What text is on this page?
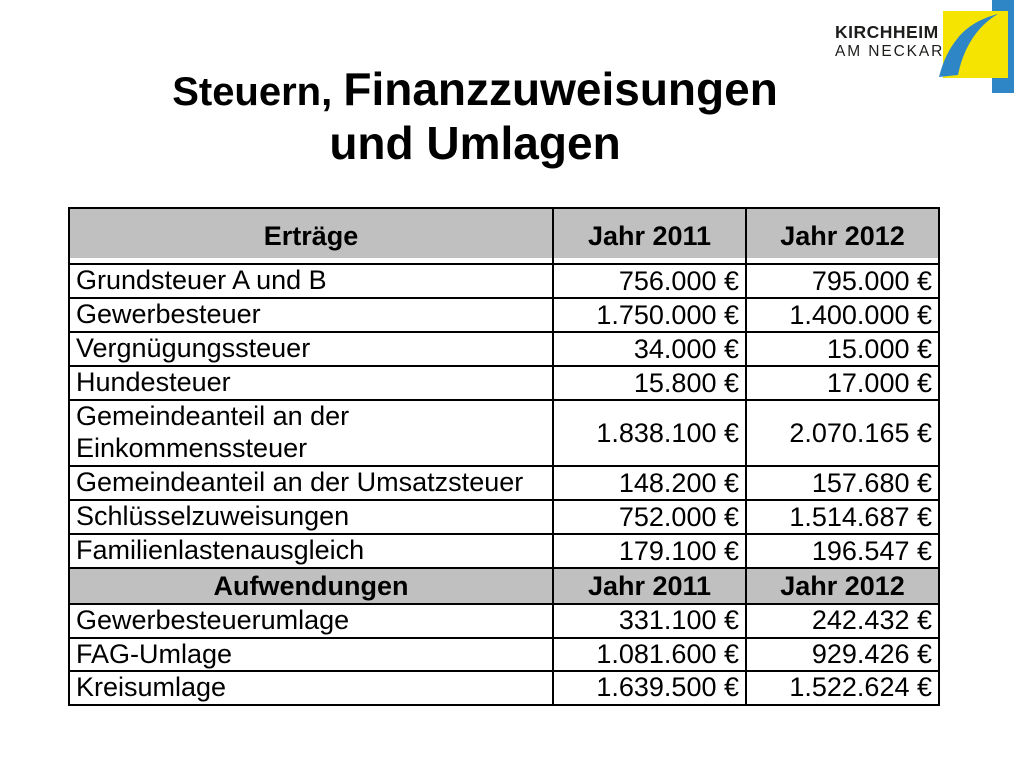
KIRCHHEIM
AM NECKAR
Steuern, Finanzzuweisungen
und Umlagen
Erträge	Jahr 2011	Jahr 2012
Grundsteuer A und B	756.000 €	795.000 €
Gewerbesteuer	1.750.000 €	1.400.000 €
Vergnügungssteuer	34.000 €	15.000 €
Hundesteuer	15.800 €	17.000 €
Gemeindeanteil an der
Einkommenssteuer	1.838.100 €	2.070.165 €
Gemeindeanteil an der Umsatzsteuer	148.200 €	157.680 €
Schlüsselzuweisungen	752.000 €	1.514.687 €
Familienlastenausgleich	179.100 €	196.547 €
Aufwendungen	Jahr 2011	Jahr 2012
Gewerbesteuerumlage	331.100 €	242.432 €
FAG-Umlage	1.081.600 €	929.426 €
Kreisumlage	1.639.500 €	1.522.624 €
